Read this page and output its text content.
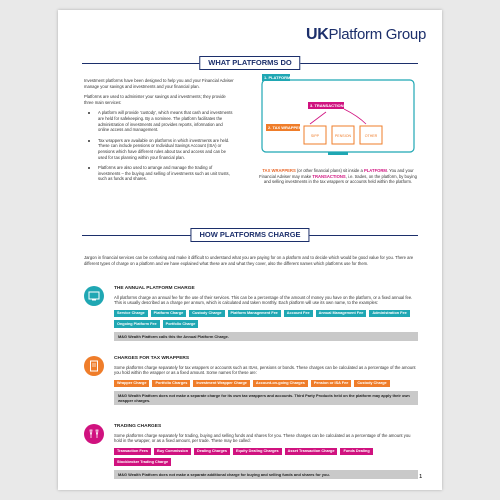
UKPlatform Group
WHAT PLATFORMS DO

Investment platforms have been designed to help you and your Financial Adviser manage your savings and investments and your financial plan.

Platforms are used to administer your savings and investments; they provide three main services:

A platform will provide 'custody', which means that cash and investments are held for safekeeping. By a nominee. The platform facilitates the administration of investments and provides reports, information and online access and management.
Tax wrappers are available on platforms in which investments are held. These can include pensions or Individual Savings Account (ISA) or pensions which have different rules about tax and access and can be used for tax planning within your financial plan.
Platforms are also used to arrange and manage the trading of investments – the buying and selling of investments such as unit trusts, such as funds and shares.
1. PLATFORM
3. TRANSACTIONS
2. TAX WRAPPERS
SIPP	PENSION	OTHER
TAX WRAPPERS (or other financial plans) sit inside a PLATFORM. You and your Financial Adviser may make TRANSACTIONS, i.e. trades, on the platform, by buying and selling investments in the tax wrappers or accounts held within the platform.
HOW PLATFORMS CHARGE

Jargon in financial services can be confusing and make it difficult to understand what you are paying for on a platform and to decide which would be good value for you. There are different types of charge on a platform and we have explained what these are and what they cover, also the different names which platforms use for them.

THE ANNUAL PLATFORM CHARGE

All platforms charge an annual fee for the use of their services. This can be a percentage of the amount of money you have on the platform, or a fixed annual fee. This is usually described as a charge per annum, which is calculated and taken monthly. Each platform will use its own name, to the examples:

Service Charge	Platform Charge	Custody Charge	Platform Management Fee	Account Fee	Annual Management Fee	Administration Fee
Ongoing Platform Fee	Portfolio Charge
M&G Wealth Platform calls this the Annual Platform Charge.
CHARGES FOR TAX WRAPPERS

Some platforms charge separately for tax wrappers or accounts such as ISAs, pensions or bonds. These charges can be calculated as a percentage of the amount you hold within the wrapper or as a fixed amount. Some names for these are:

Wrapper Charge	Portfolio Charges	Investment Wrapper Charge	Account-on-going Charges	Pension or ISA Fee	Custody Charge
M&G Wealth Platform does not make a separate charge for its own tax wrappers and accounts. Third Party Products held on the platform may apply their own wrapper charges.
TRADING CHARGES

Some platforms charge separately for trading, buying and selling funds and shares for you. These charges can be calculated as a percentage of the amount you hold in the wrapper, or as a fixed amount, per trade. These may be called:

Transaction Fees	Buy Commission	Dealing Charges	Equity Dealing Charges	Asset Transaction Charge	Funds Dealing
Stockbroker Trading Charge
M&G Wealth Platform does not make a separate additional charge for buying and selling funds and shares for you.	1
